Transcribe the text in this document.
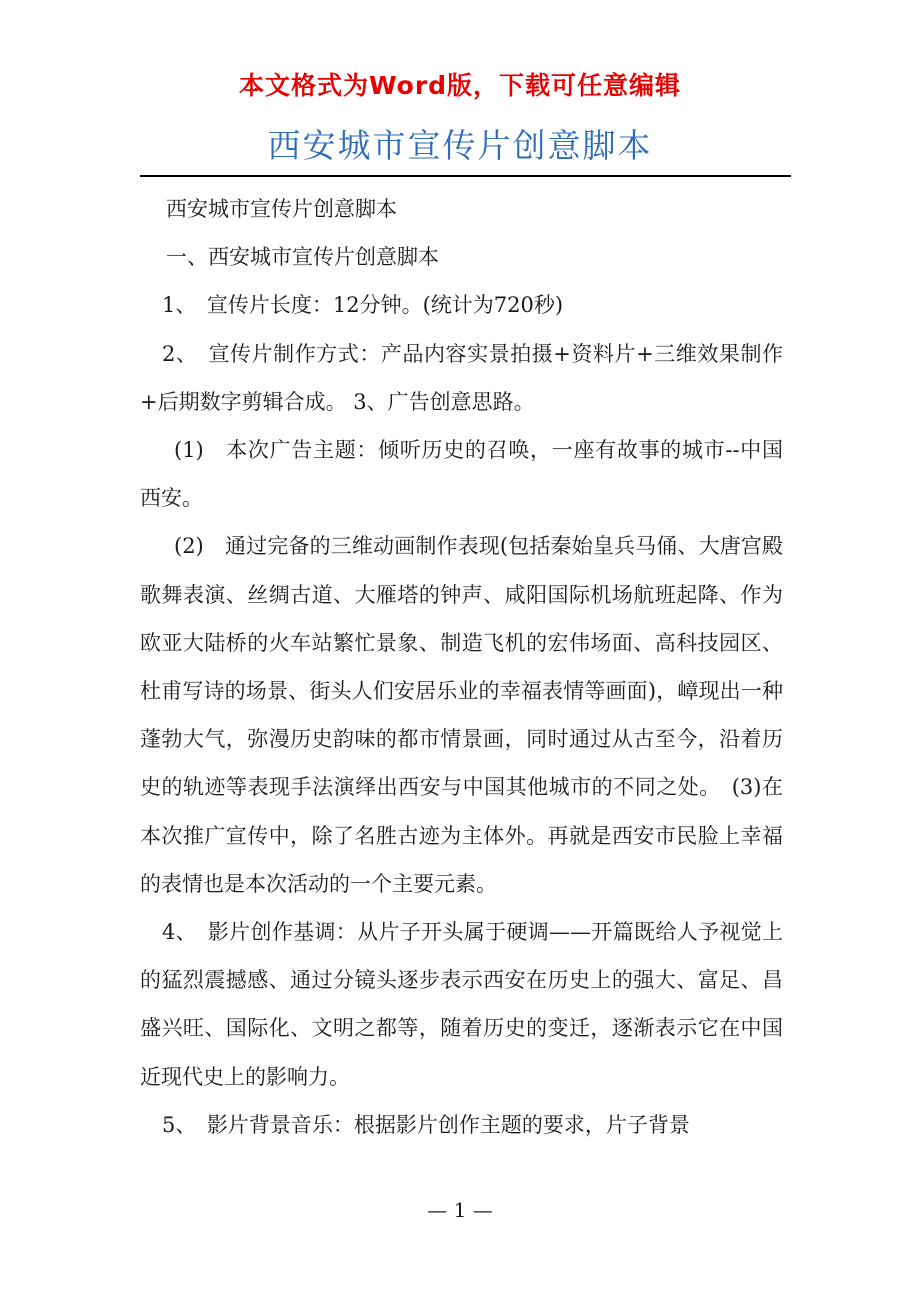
本文格式为Word版，下载可任意编辑
西安城市宣传片创意脚本

西安城市宣传片创意脚本

一、西安城市宣传片创意脚本

1、　宣传片长度：12分钟。(统计为720秒)

2、　宣传片制作方式：产品内容实景拍摄+资料片+三维效果制作+后期数字剪辑合成。 3、广告创意思路。

(1)　本次广告主题：倾听历史的召唤，一座有故事的城市--中国西安。

(2)　通过完备的三维动画制作表现(包括秦始皇兵马俑、大唐宫殿歌舞表演、丝绸古道、大雁塔的钟声、咸阳国际机场航班起降、作为欧亚大陆桥的火车站繁忙景象、制造飞机的宏伟场面、高科技园区、杜甫写诗的场景、街头人们安居乐业的幸福表情等画面)，嶂现出一种蓬勃大气，弥漫历史韵味的都市情景画，同时通过从古至今，沿着历史的轨迹等表现手法演绎出西安与中国其他城市的不同之处。　(3)在本次推广宣传中，除了名胜古迹为主体外。再就是西安市民脸上幸福的表情也是本次活动的一个主要元素。

4、　影片创作基调：从片子开头属于硬调——开篇既给人予视觉上的猛烈震撼感、通过分镜头逐步表示西安在历史上的强大、富足、昌盛兴旺、国际化、文明之都等，随着历史的变迁，逐渐表示它在中国近现代史上的影响力。

5、　影片背景音乐：根据影片创作主题的要求，片子背景

— 1 —
